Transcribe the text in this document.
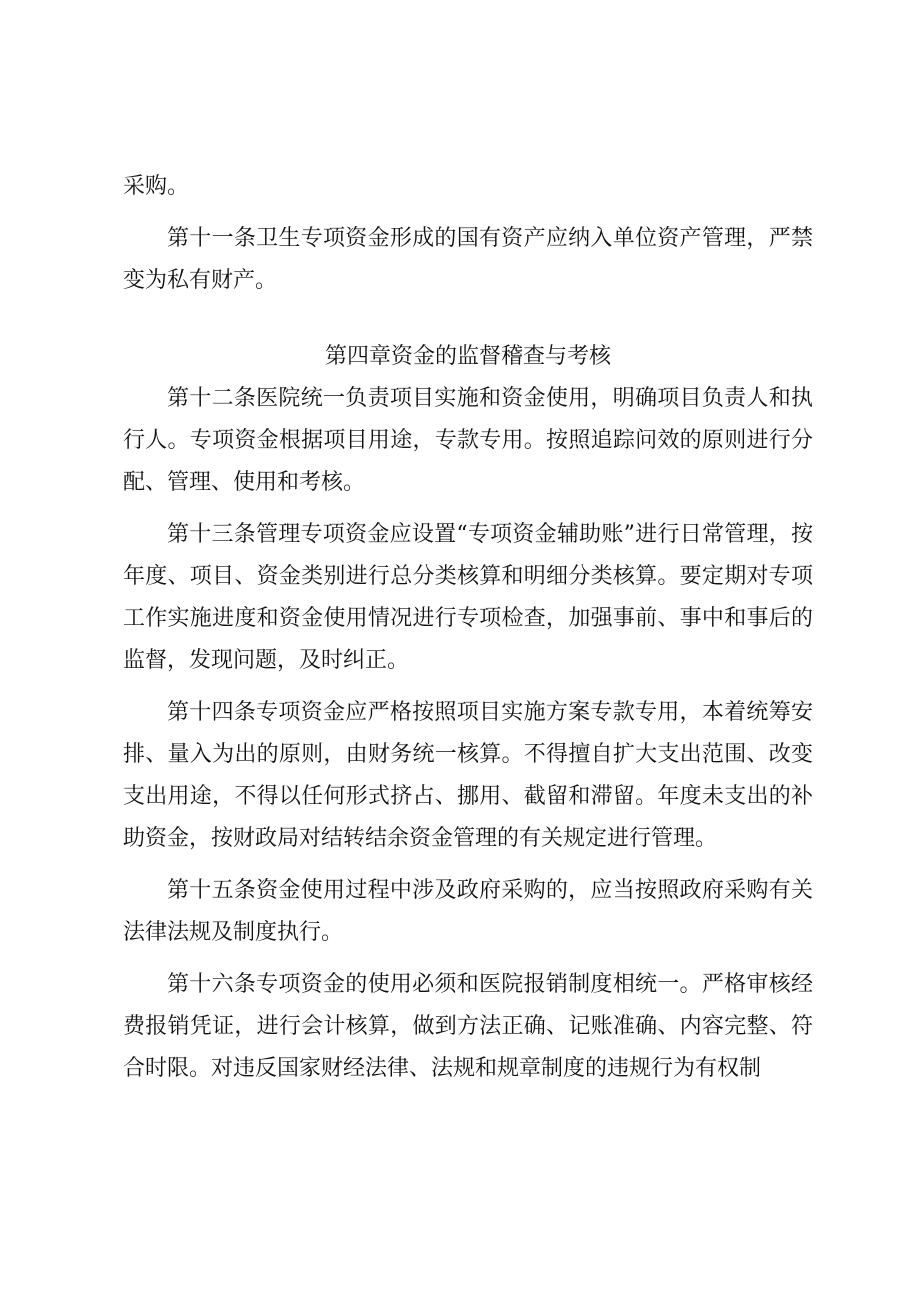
采购。

第十一条卫生专项资金形成的国有资产应纳入单位资产管理，严禁变为私有财产。

第四章资金的监督稽查与考核

第十二条医院统一负责项目实施和资金使用，明确项目负责人和执行人。专项资金根据项目用途，专款专用。按照追踪问效的原则进行分配、管理、使用和考核。

第十三条管理专项资金应设置“专项资金辅助账”进行日常管理，按年度、项目、资金类别进行总分类核算和明细分类核算。要定期对专项工作实施进度和资金使用情况进行专项检查，加强事前、事中和事后的监督，发现问题，及时纠正。

第十四条专项资金应严格按照项目实施方案专款专用，本着统筹安排、量入为出的原则，由财务统一核算。不得擅自扩大支出范围、改变支出用途，不得以任何形式挤占、挪用、截留和滞留。年度未支出的补助资金，按财政局对结转结余资金管理的有关规定进行管理。

第十五条资金使用过程中涉及政府采购的，应当按照政府采购有关法律法规及制度执行。

第十六条专项资金的使用必须和医院报销制度相统一。严格审核经费报销凭证，进行会计核算，做到方法正确、记账准确、内容完整、符合时限。对违反国家财经法律、法规和规章制度的违规行为有权制
